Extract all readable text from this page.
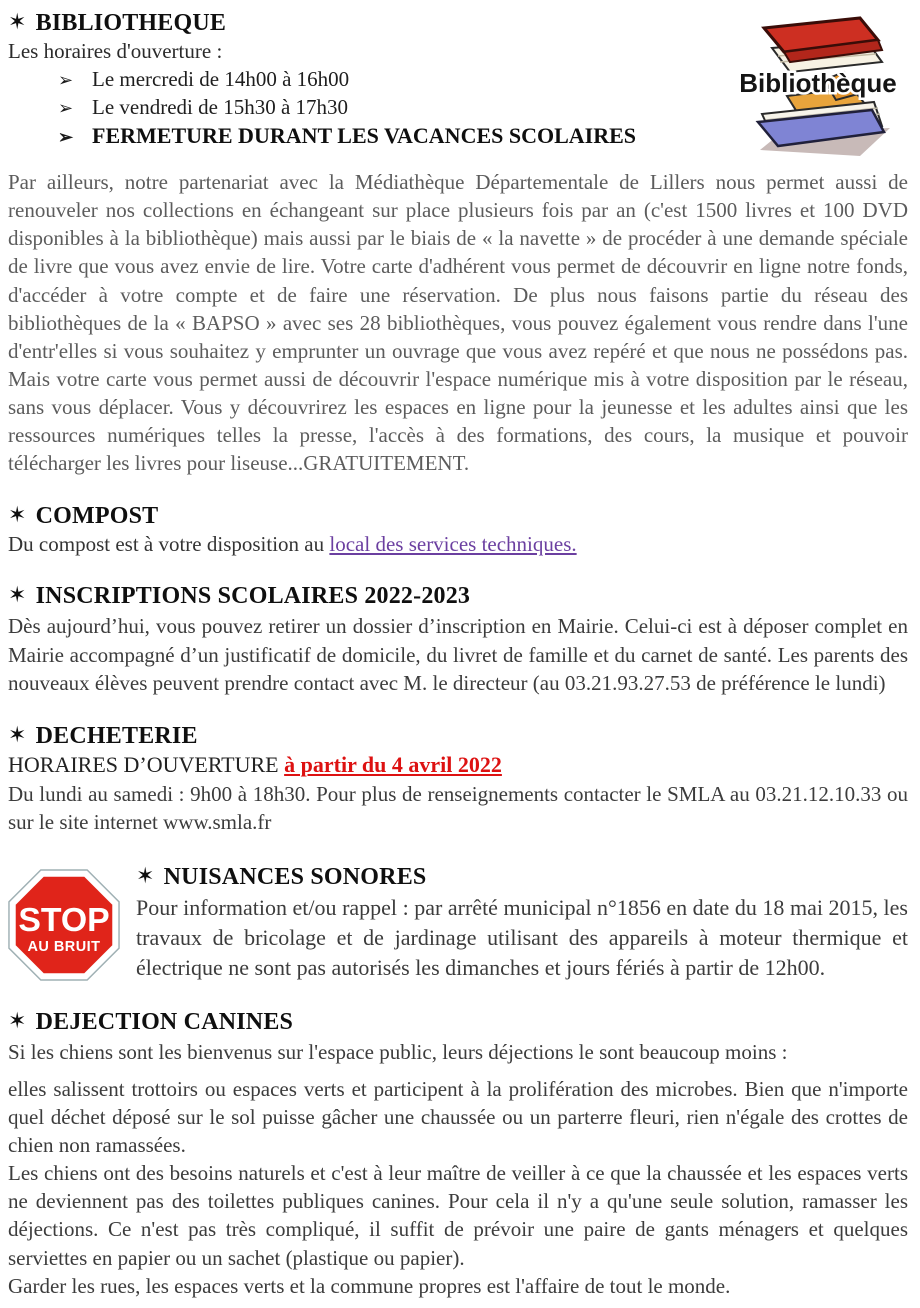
Bibliothèque
✶ BIBLIOTHEQUE

Les horaires d'ouverture :

➢ Le mercredi de 14h00 à 16h00
➢ Le vendredi de 15h30 à 17h30
➢ FERMETURE DURANT LES VACANCES SCOLAIRES

Par ailleurs, notre partenariat avec la Médiathèque Départementale de Lillers nous permet aussi de renouveler nos collections en échangeant sur place plusieurs fois par an (c'est 1500 livres et 100 DVD disponibles à la bibliothèque) mais aussi par le biais de « la navette » de procéder à une demande spéciale de livre que vous avez envie de lire. Votre carte d'adhérent vous permet de découvrir en ligne notre fonds, d'accéder à votre compte et de faire une réservation. De plus nous faisons partie du réseau des bibliothèques de la « BAPSO » avec ses 28 bibliothèques, vous pouvez également vous rendre dans l'une d'entr'elles si vous souhaitez y emprunter un ouvrage que vous avez repéré et que nous ne possédons pas. Mais votre carte vous permet aussi de découvrir l'espace numérique mis à votre disposition par le réseau, sans vous déplacer. Vous y découvrirez les espaces en ligne pour la jeunesse et les adultes ainsi que les ressources numériques telles la presse, l'accès à des formations, des cours, la musique et pouvoir télécharger les livres pour liseuse...GRATUITEMENT.

✶ COMPOST

Du compost est à votre disposition au local des services techniques.

✶ INSCRIPTIONS SCOLAIRES 2022-2023

Dès aujourd’hui, vous pouvez retirer un dossier d’inscription en Mairie. Celui-ci est à déposer complet en Mairie accompagné d’un justificatif de domicile, du livret de famille et du carnet de santé. Les parents des nouveaux élèves peuvent prendre contact avec M. le directeur (au 03.21.93.27.53 de préférence le lundi)

✶ DECHETERIE

HORAIRES D’OUVERTURE à partir du 4 avril 2022

Du lundi au samedi : 9h00 à 18h30. Pour plus de renseignements contacter le SMLA au 03.21.12.10.33 ou sur le site internet www.smla.fr

STOP
AU BRUIT
✶ NUISANCES SONORES

Pour information et/ou rappel : par arrêté municipal n°1856 en date du 18 mai 2015, les travaux de bricolage et de jardinage utilisant des appareils à moteur thermique et électrique ne sont pas autorisés les dimanches et jours fériés à partir de 12h00.

✶ DEJECTION CANINES

Si les chiens sont les bienvenus sur l'espace public, leurs déjections le sont beaucoup moins :

elles salissent trottoirs ou espaces verts et participent à la prolifération des microbes. Bien que n'importe quel déchet déposé sur le sol puisse gâcher une chaussée ou un parterre fleuri, rien n'égale des crottes de chien non ramassées.

Les chiens ont des besoins naturels et c'est à leur maître de veiller à ce que la chaussée et les espaces verts ne deviennent pas des toilettes publiques canines. Pour cela il n'y a qu'une seule solution, ramasser les déjections. Ce n'est pas très compliqué, il suffit de prévoir une paire de gants ménagers et quelques serviettes en papier ou un sachet (plastique ou papier).

Garder les rues, les espaces verts et la commune propres est l'affaire de tout le monde.
